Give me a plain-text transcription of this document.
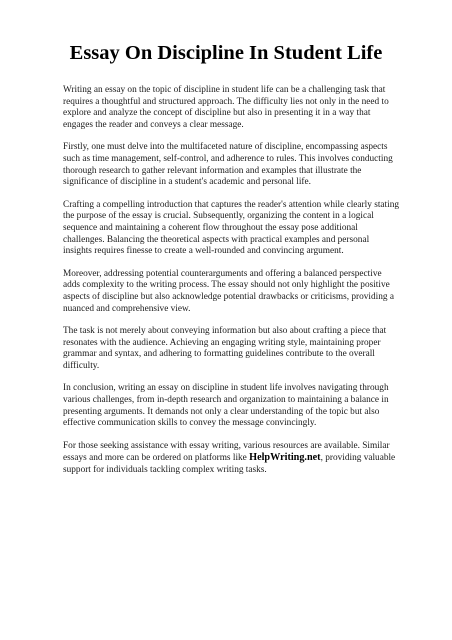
Essay On Discipline In Student Life

Writing an essay on the topic of discipline in student life can be a challenging task that requires a thoughtful and structured approach. The difficulty lies not only in the need to explore and analyze the concept of discipline but also in presenting it in a way that engages the reader and conveys a clear message.

Firstly, one must delve into the multifaceted nature of discipline, encompassing aspects such as time management, self-control, and adherence to rules. This involves conducting thorough research to gather relevant information and examples that illustrate the significance of discipline in a student's academic and personal life.

Crafting a compelling introduction that captures the reader's attention while clearly stating the purpose of the essay is crucial. Subsequently, organizing the content in a logical sequence and maintaining a coherent flow throughout the essay pose additional challenges. Balancing the theoretical aspects with practical examples and personal insights requires finesse to create a well-rounded and convincing argument.

Moreover, addressing potential counterarguments and offering a balanced perspective adds complexity to the writing process. The essay should not only highlight the positive aspects of discipline but also acknowledge potential drawbacks or criticisms, providing a nuanced and comprehensive view.

The task is not merely about conveying information but also about crafting a piece that resonates with the audience. Achieving an engaging writing style, maintaining proper grammar and syntax, and adhering to formatting guidelines contribute to the overall difficulty.

In conclusion, writing an essay on discipline in student life involves navigating through various challenges, from in-depth research and organization to maintaining a balance in presenting arguments. It demands not only a clear understanding of the topic but also effective communication skills to convey the message convincingly.

For those seeking assistance with essay writing, various resources are available. Similar essays and more can be ordered on platforms like HelpWriting.net, providing valuable support for individuals tackling complex writing tasks.
